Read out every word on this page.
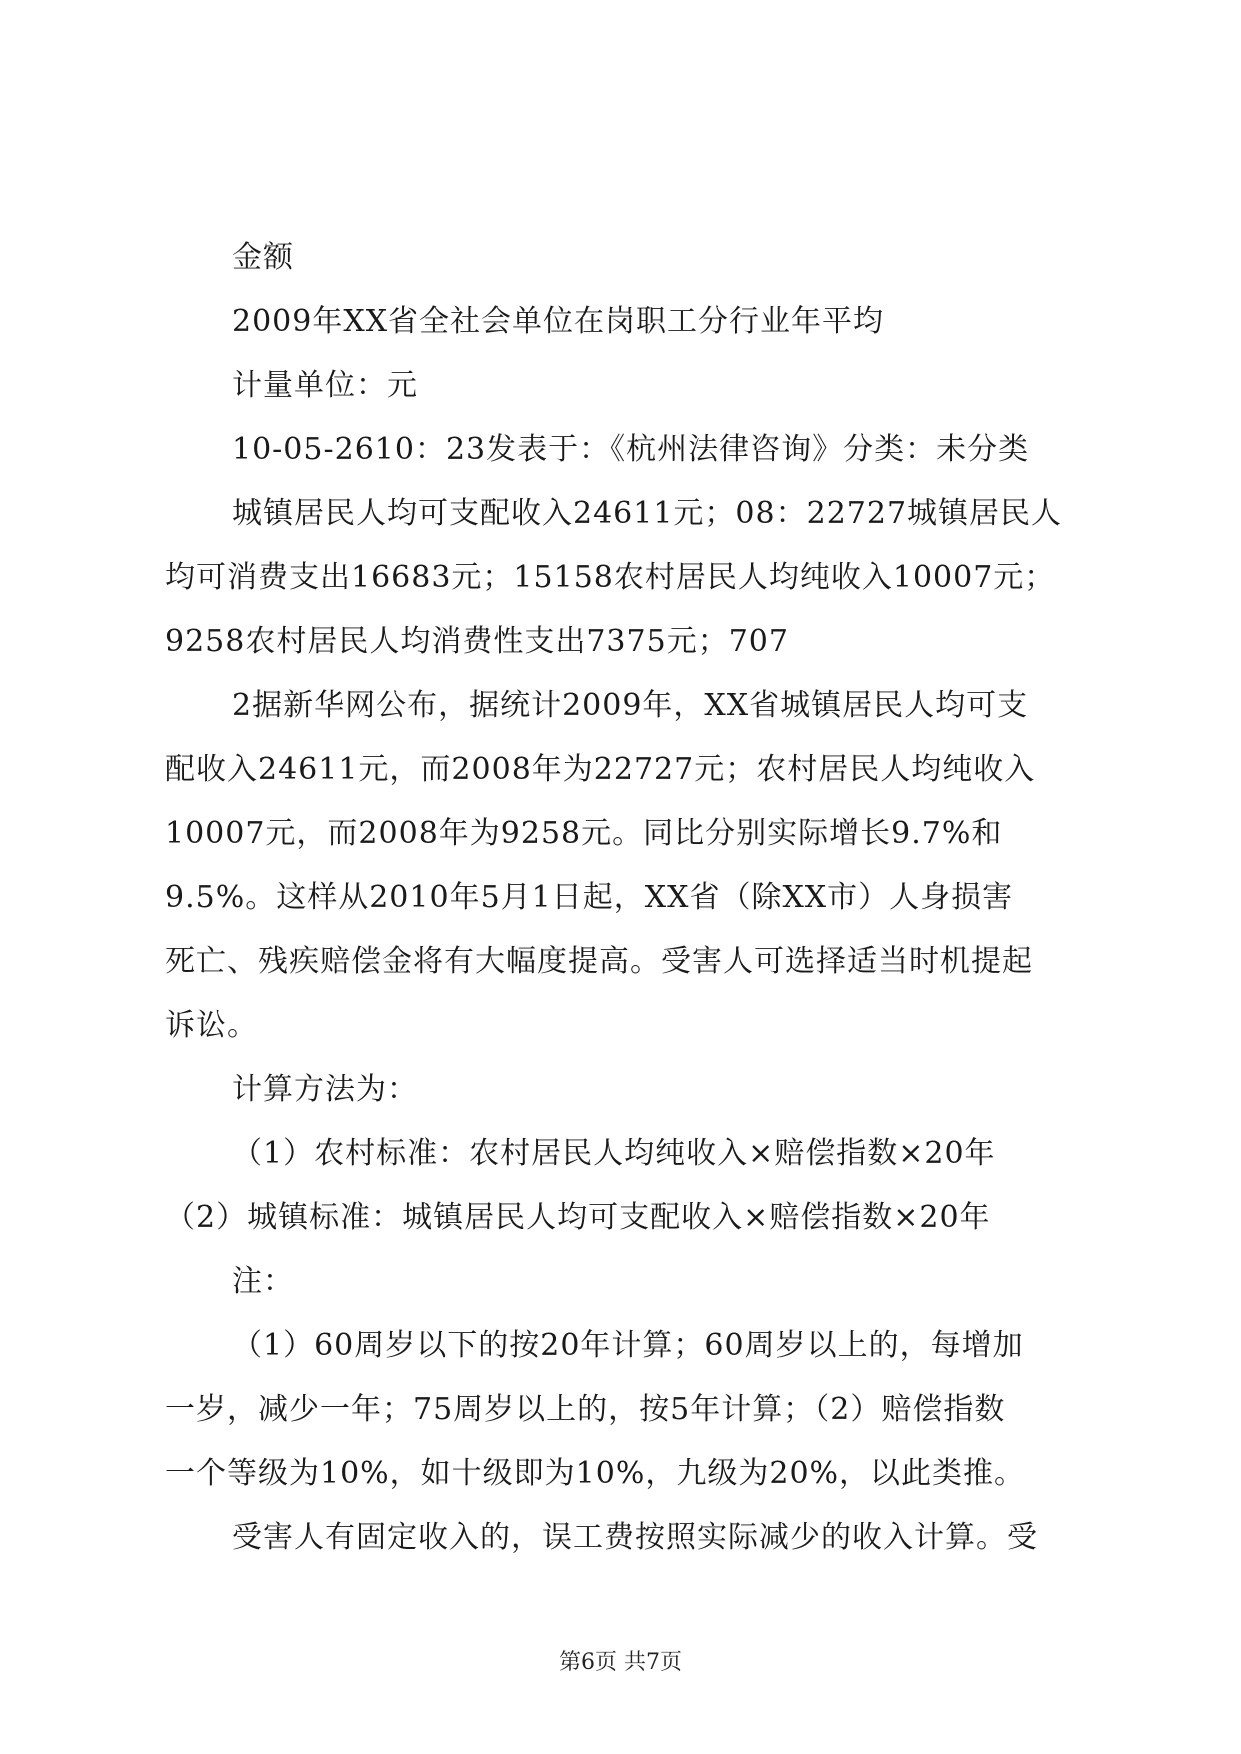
金额
2009年XX省全社会单位在岗职工分行业年平均
计量单位：元
10-05-2610：23发表于：《杭州法律咨询》分类：未分类
城镇居民人均可支配收入24611元；08：22727城镇居民人
均可消费支出16683元；15158农村居民人均纯收入10007元；
9258农村居民人均消费性支出7375元；707
2据新华网公布，据统计2009年，XX省城镇居民人均可支
配收入24611元，而2008年为22727元；农村居民人均纯收入
10007元，而2008年为9258元。同比分别实际增长9.7%和
9.5%。这样从2010年5月1日起，XX省（除XX市）人身损害
死亡、残疾赔偿金将有大幅度提高。受害人可选择适当时机提起
诉讼。
计算方法为：
（1）农村标准：农村居民人均纯收入×赔偿指数×20年
（2）城镇标准：城镇居民人均可支配收入×赔偿指数×20年
注：
（1）60周岁以下的按20年计算；60周岁以上的，每增加
一岁，减少一年；75周岁以上的，按5年计算；（2）赔偿指数
一个等级为10%，如十级即为10%，九级为20%，以此类推。
受害人有固定收入的，误工费按照实际减少的收入计算。受
第6页 共7页
